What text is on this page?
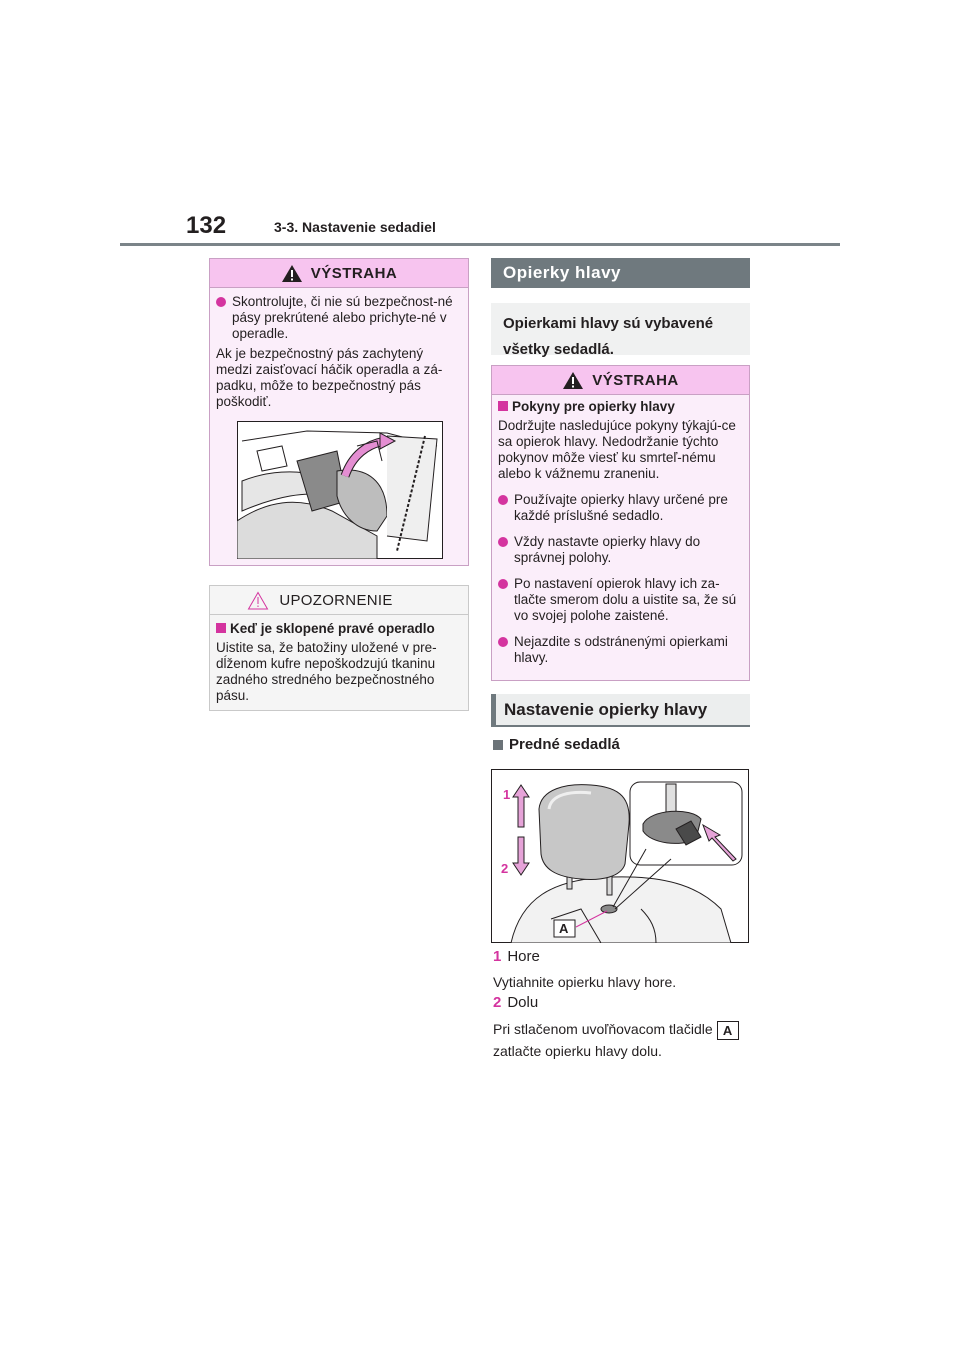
132	3-3. Nastavenie sedadiel
VÝSTRAHA
Skontrolujte, či nie sú bezpečnost-né pásy prekrútené alebo prichyte-né v operadle.
Ak je bezpečnostný pás zachytený medzi zaisťovací háčik operadla a zá-padku, môže to bezpečnostný pás poškodiť.
UPOZORNENIE
Keď je sklopené pravé operadlo
Uistite sa, že batožiny uložené v pre-dĺženom kufre nepoškodzujú tkaninu zadného stredného bezpečnostného pásu.
Opierky hlavy
Opierkami hlavy sú vybavené všetky sedadlá.
VÝSTRAHA
Pokyny pre opierky hlavy
Dodržujte nasledujúce pokyny týkajú-ce sa opierok hlavy. Nedodržanie týchto pokynov môže viesť ku smrteľ-nému alebo k vážnemu zraneniu.
Používajte opierky hlavy určené pre každé príslušné sedadlo.
Vždy nastavte opierky hlavy do správnej polohy.
Po nastavení opierok hlavy ich za-tlačte smerom dolu a uistite sa, že sú vo svojej polohe zaistené.
Nejazdite s odstránenými opierkami hlavy.
Nastavenie opierky hlavy
Predné sedadlá
1
2
A
1 Hore
Vytiahnite opierku hlavy hore.
2 Dolu
Pri stlačenom uvoľňovacom tlačidle A
zatlačte opierku hlavy dolu.
